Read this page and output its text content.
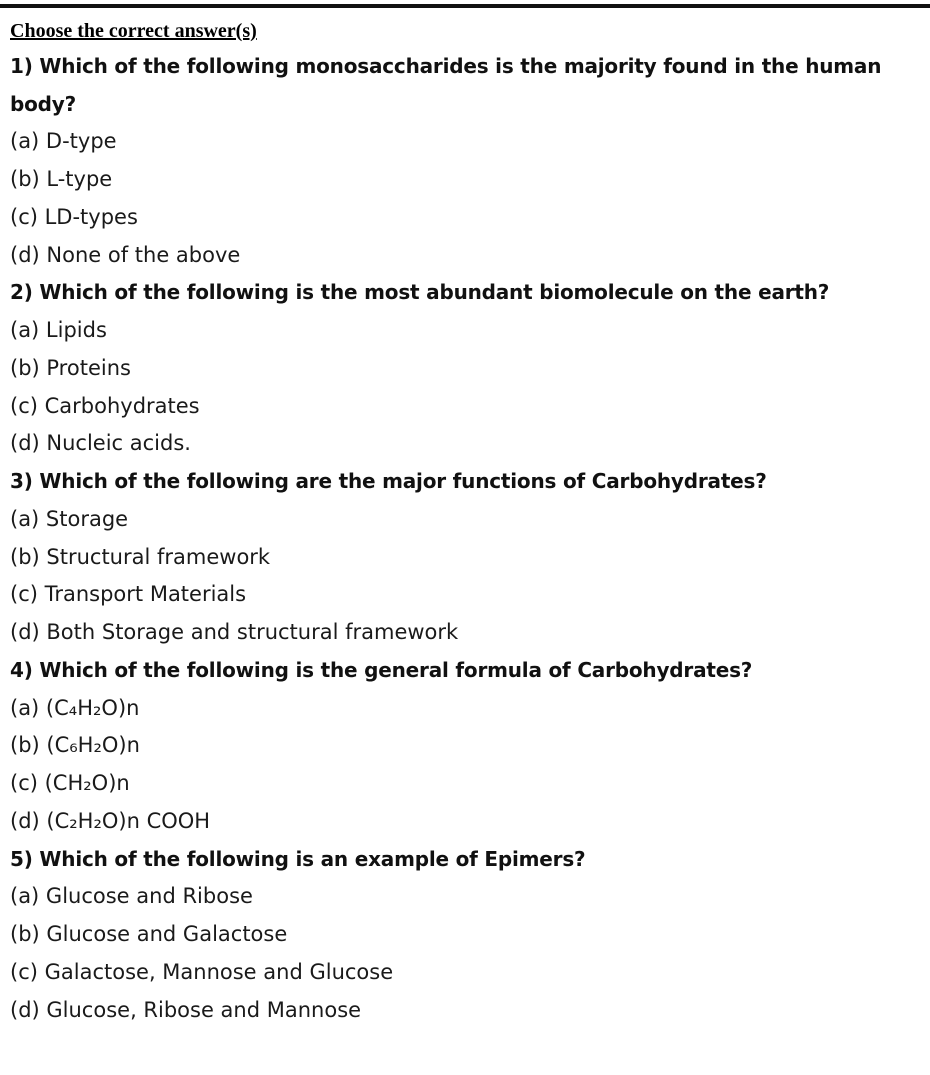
Choose the correct answer(s)

1) Which of the following monosaccharides is the majority found in the human body?

(a) D-type

(b) L-type

(c) LD-types

(d) None of the above

2) Which of the following is the most abundant biomolecule on the earth?

(a) Lipids

(b) Proteins

(c) Carbohydrates

(d) Nucleic acids.

3) Which of the following are the major functions of Carbohydrates?

(a) Storage

(b) Structural framework

(c) Transport Materials

(d) Both Storage and structural framework

4) Which of the following is the general formula of Carbohydrates?

(a) (C₄H₂O)n

(b) (C₆H₂O)n

(c) (CH₂O)n

(d) (C₂H₂O)n COOH

5) Which of the following is an example of Epimers?

(a) Glucose and Ribose

(b) Glucose and Galactose

(c) Galactose, Mannose and Glucose

(d) Glucose, Ribose and Mannose
